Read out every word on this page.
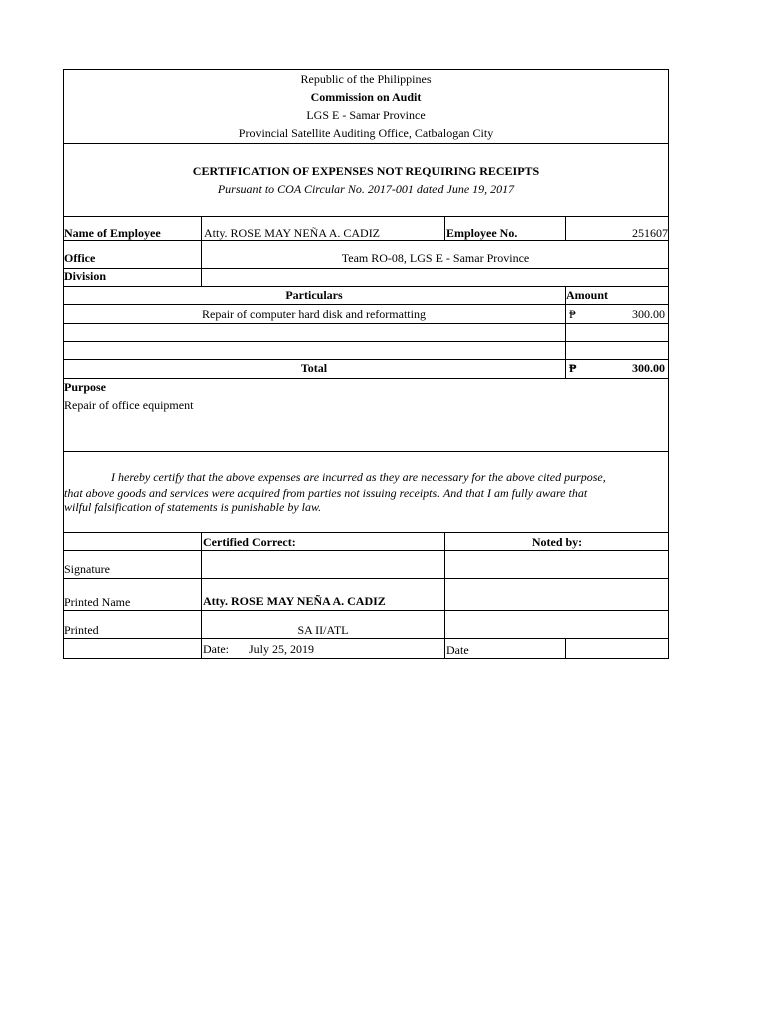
Republic of the Philippines
Commission on Audit
LGS E - Samar Province
Provincial Satellite Auditing Office, Catbalogan City
CERTIFICATION OF EXPENSES NOT REQUIRING RECEIPTS
Pursuant to COA Circular No. 2017-001 dated June 19, 2017
Name of Employee	Atty. ROSE MAY NEÑA A. CADIZ	Employee No.	251607
Office	Team RO-08, LGS E - Samar Province
Division
Particulars	Amount
Repair of computer hard disk and reformatting	₱	300.00
Total	₱	300.00
Purpose
Repair of office equipment
I hereby certify that the above expenses are incurred as they are necessary for the above cited purpose,
that above goods and services were acquired from parties not issuing receipts. And that I am fully aware that
wilful falsification of statements is punishable by law.
Certified Correct:	Noted by:
Signature
Printed Name	Atty. ROSE MAY NEÑA A. CADIZ
Printed	SA II/ATL
Date: July 25, 2019	Date
